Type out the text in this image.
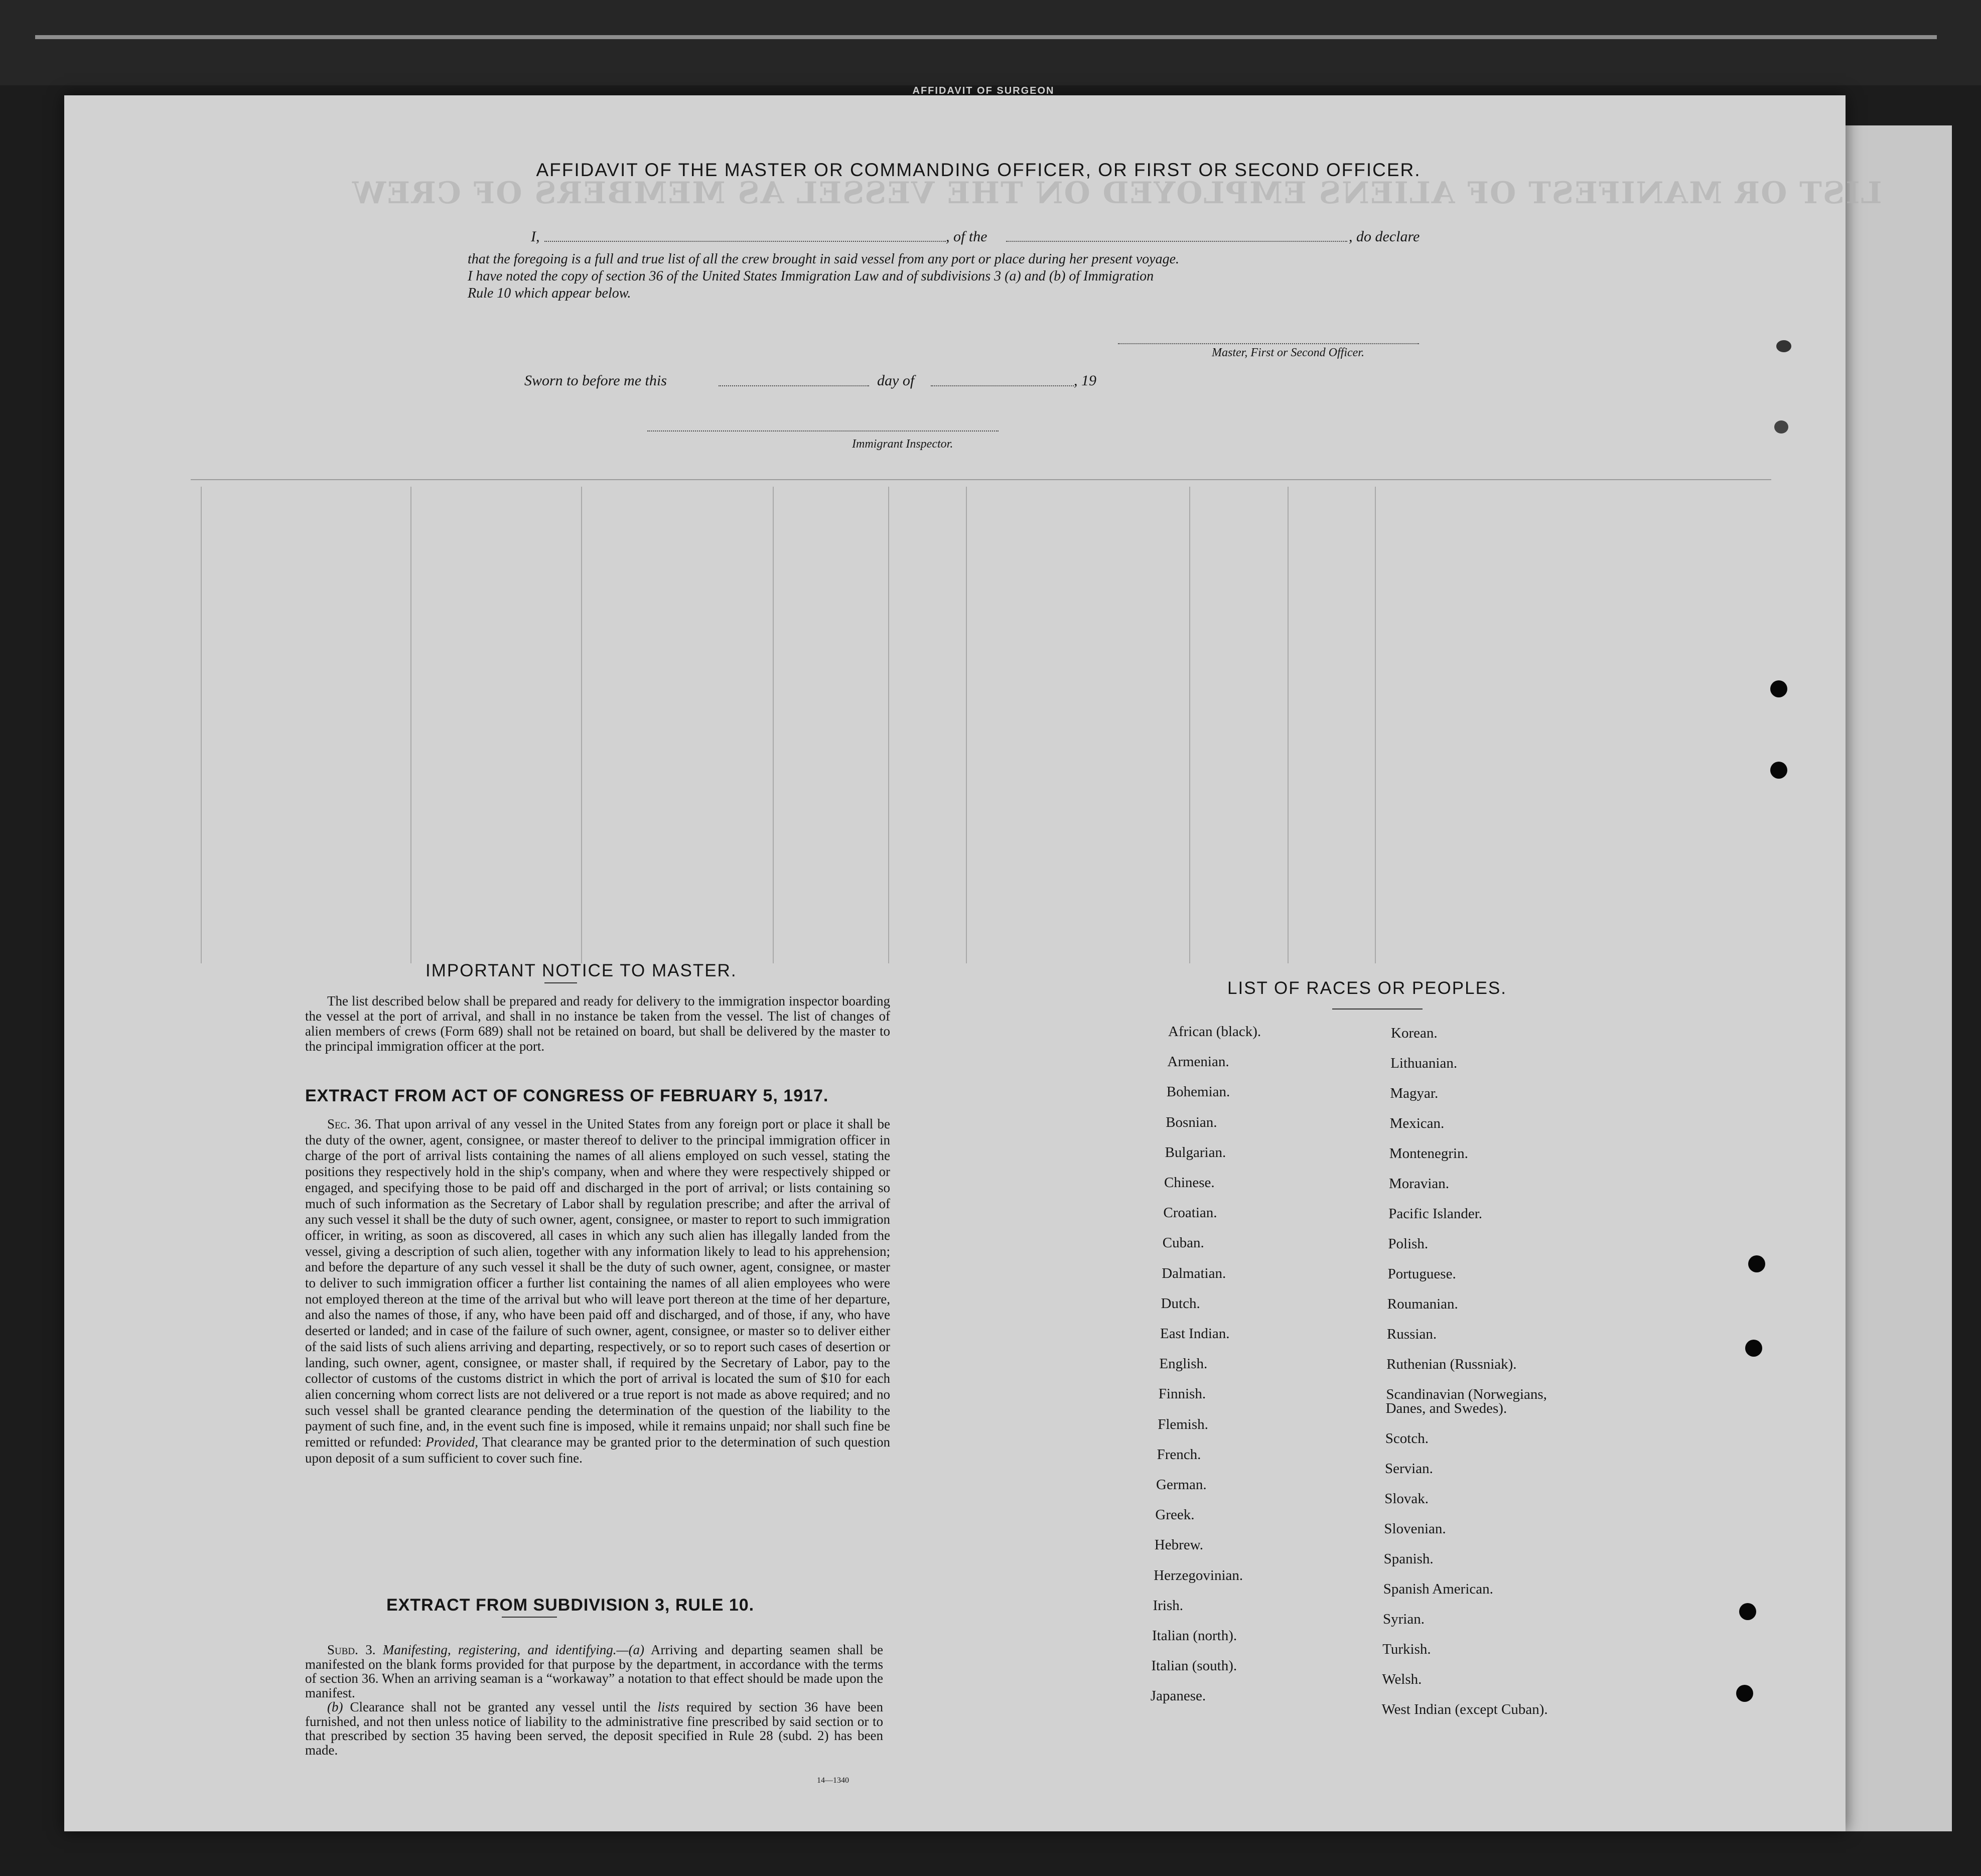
AFFIDAVIT OF SURGEON
LIST OR MANIFEST OF ALIENS EMPLOYED ON THE VESSEL AS MEMBERS OF CREW
AFFIDAVIT OF THE MASTER OR COMMANDING OFFICER, OR FIRST OR SECOND OFFICER.
I,	, of the	, do declare
that the foregoing is a full and true list of all the crew brought in said vessel from any port or place during her present voyage.
I have noted the copy of section 36 of the United States Immigration Law and of subdivisions 3 (a) and (b) of Immigration
Rule 10 which appear below.
Master, First or Second Officer.
Sworn to before me this	day of	, 19
Immigrant Inspector.
IMPORTANT NOTICE TO MASTER.

The list described below shall be prepared and ready for delivery to the immigration inspector boarding the vessel at the port of arrival, and shall in no instance be taken from the vessel. The list of changes of alien members of crews (Form 689) shall not be retained on board, but shall be delivered by the master to the principal immigration officer at the port.

EXTRACT FROM ACT OF CONGRESS OF FEBRUARY 5, 1917.

Sec. 36. That upon arrival of any vessel in the United States from any foreign port or place it shall be the duty of the owner, agent, consignee, or master thereof to deliver to the principal immigration officer in charge of the port of arrival lists containing the names of all aliens employed on such vessel, stating the positions they respectively hold in the ship's company, when and where they were respectively shipped or engaged, and specifying those to be paid off and discharged in the port of arrival; or lists containing so much of such information as the Secretary of Labor shall by regulation prescribe; and after the arrival of any such vessel it shall be the duty of such owner, agent, consignee, or master to report to such immigration officer, in writing, as soon as discovered, all cases in which any such alien has illegally landed from the vessel, giving a description of such alien, together with any information likely to lead to his apprehension; and before the departure of any such vessel it shall be the duty of such owner, agent, consignee, or master to deliver to such immigration officer a further list containing the names of all alien employees who were not employed thereon at the time of the arrival but who will leave port thereon at the time of her departure, and also the names of those, if any, who have been paid off and discharged, and of those, if any, who have deserted or landed; and in case of the failure of such owner, agent, consignee, or master so to deliver either of the said lists of such aliens arriving and departing, respectively, or so to report such cases of desertion or landing, such owner, agent, consignee, or master shall, if required by the Secretary of Labor, pay to the collector of customs of the customs district in which the port of arrival is located the sum of $10 for each alien concerning whom correct lists are not delivered or a true report is not made as above required; and no such vessel shall be granted clearance pending the determination of the question of the liability to the payment of such fine, and, in the event such fine is imposed, while it remains unpaid; nor shall such fine be remitted or refunded: Provided, That clearance may be granted prior to the determination of such question upon deposit of a sum sufficient to cover such fine.

EXTRACT FROM SUBDIVISION 3, RULE 10.

Subd. 3. Manifesting, registering, and identifying.—(a) Arriving and departing seamen shall be manifested on the blank forms provided for that purpose by the department, in accordance with the terms of section 36. When an arriving seaman is a “workaway” a notation to that effect should be made upon the manifest.

(b) Clearance shall not be granted any vessel until the lists required by section 36 have been furnished, and not then unless notice of liability to the administrative fine prescribed by said section or to that prescribed by section 35 having been served, the deposit specified in Rule 28 (subd. 2) has been made.

14—1340
LIST OF RACES OR PEOPLES.
African (black).
Armenian.
Bohemian.
Bosnian.
Bulgarian.
Chinese.
Croatian.
Cuban.
Dalmatian.
Dutch.
East Indian.
English.
Finnish.
Flemish.
French.
German.
Greek.
Hebrew.
Herzegovinian.
Irish.
Italian (north).
Italian (south).
Japanese.
Korean.
Lithuanian.
Magyar.
Mexican.
Montenegrin.
Moravian.
Pacific Islander.
Polish.
Portuguese.
Roumanian.
Russian.
Ruthenian (Russniak).
Scandinavian (Norwegians,
Danes, and Swedes).
Scotch.
Servian.
Slovak.
Slovenian.
Spanish.
Spanish American.
Syrian.
Turkish.
Welsh.
West Indian (except Cuban).
